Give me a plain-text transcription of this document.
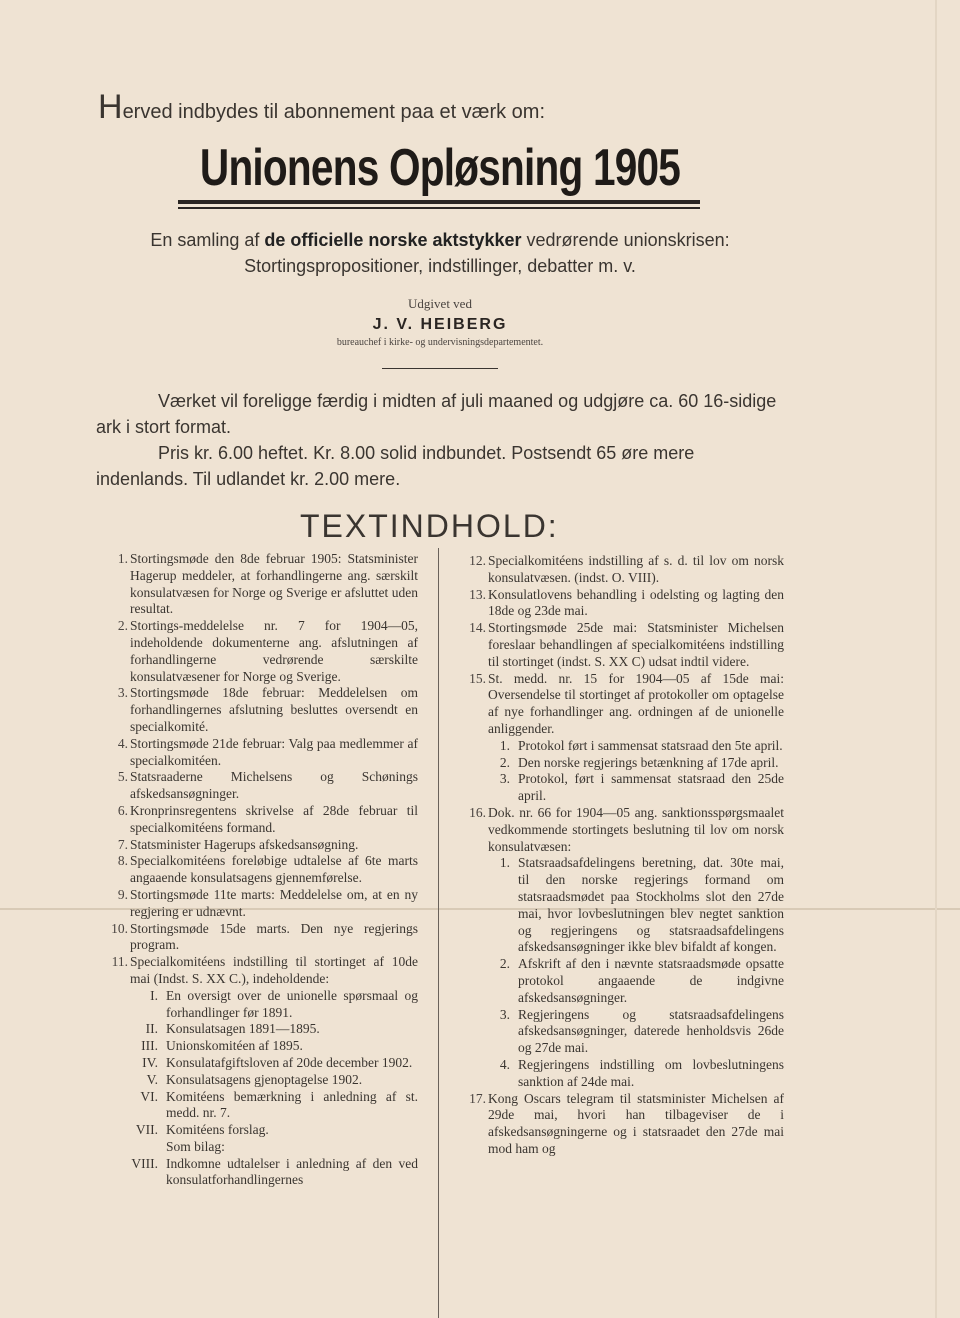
Herved indbydes til abonnement paa et værk om:
Unionens Opløsning 1905
En samling af de officielle norske aktstykker vedrørende unionskrisen:
Stortingspropositioner, indstillinger, debatter m. v.
Udgivet ved
J. V. HEIBERG
bureauchef i kirke- og undervisningsdepartementet.
Værket vil foreligge færdig i midten af juli maaned og udgjøre ca. 60 16-sidige ark i stort format.
Pris kr. 6.00 heftet. Kr. 8.00 solid indbundet. Postsendt 65 øre mere indenlands. Til udlandet kr. 2.00 mere.
TEXTINDHOLD:
1. Stortingsmøde den 8de februar 1905: Statsminister Hagerup meddeler, at forhandlingerne ang. særskilt konsulatvæsen for Norge og Sverige er afsluttet uden resultat.
2. Stortings-meddelelse nr. 7 for 1904—05, indeholdende dokumenterne ang. afslutningen af forhandlingerne vedrørende særskilte konsulatvæsener for Norge og Sverige.
3. Stortingsmøde 18de februar: Meddelelsen om forhandlingernes afslutning besluttes oversendt en specialkomité.
4. Stortingsmøde 21de februar: Valg paa medlemmer af specialkomitéen.
5. Statsraaderne Michelsens og Schønings afskedsansøgninger.
6. Kronprinsregentens skrivelse af 28de februar til specialkomitéens formand.
7. Statsminister Hagerups afskedsansøgning.
8. Specialkomitéens foreløbige udtalelse af 6te marts angaaende konsulatsagens gjennemførelse.
9. Stortingsmøde 11te marts: Meddelelse om, at en ny regjering er udnævnt.
10. Stortingsmøde 15de marts. Den nye regjerings program.
11. Specialkomitéens indstilling til stortinget af 10de mai (Indst. S. XX C.), indeholdende:
I. En oversigt over de unionelle spørsmaal og forhandlinger før 1891.
II. Konsulatsagen 1891—1895.
III. Unionskomitéen af 1895.
IV. Konsulatafgiftsloven af 20de december 1902.
V. Konsulatsagens gjenoptagelse 1902.
VI. Komitéens bemærkning i anledning af st. medd. nr. 7.
VII. Komitéens forslag.
Som bilag:
VIII. Indkomne udtalelser i anledning af den ved konsulatforhandlingernes
12. Specialkomitéens indstilling af s. d. til lov om norsk konsulatvæsen. (indst. O. VIII).
13. Konsulatlovens behandling i odelsting og lagting den 18de og 23de mai.
14. Stortingsmøde 25de mai: Statsminister Michelsen foreslaar behandlingen af specialkomitéens indstilling til stortinget (indst. S. XX C) udsat indtil videre.
15. St. medd. nr. 15 for 1904—05 af 15de mai: Oversendelse til stortinget af protokoller om optagelse af nye forhandlinger ang. ordningen af de unionelle anliggender.
1. Protokol ført i sammensat statsraad den 5te april.
2. Den norske regjerings betænkning af 17de april.
3. Protokol, ført i sammensat statsraad den 25de april.
16. Dok. nr. 66 for 1904—05 ang. sanktionsspørgsmaalet vedkommende stortingets beslutning til lov om norsk konsulatvæsen:
1. Statsraadsafdelingens beretning, dat. 30te mai, til den norske regjerings formand om statsraadsmødet paa Stockholms slot den 27de mai, hvor lovbeslutningen blev negtet sanktion og regjeringens og statsraadsafdelingens afskedsansøgninger ikke blev bifaldt af kongen.
2. Afskrift af den i nævnte statsraadsmøde opsatte protokol angaaende de indgivne afskedsansøgninger.
3. Regjeringens og statsraadsafdelingens afskedsansøgninger, daterede henholdsvis 26de og 27de mai.
4. Regjeringens indstilling om lovbeslutningens sanktion af 24de mai.
17. Kong Oscars telegram til statsminister Michelsen af 29de mai, hvori han tilbageviser de i afskedsansøgningerne og i statsraadet den 27de mai mod ham og
